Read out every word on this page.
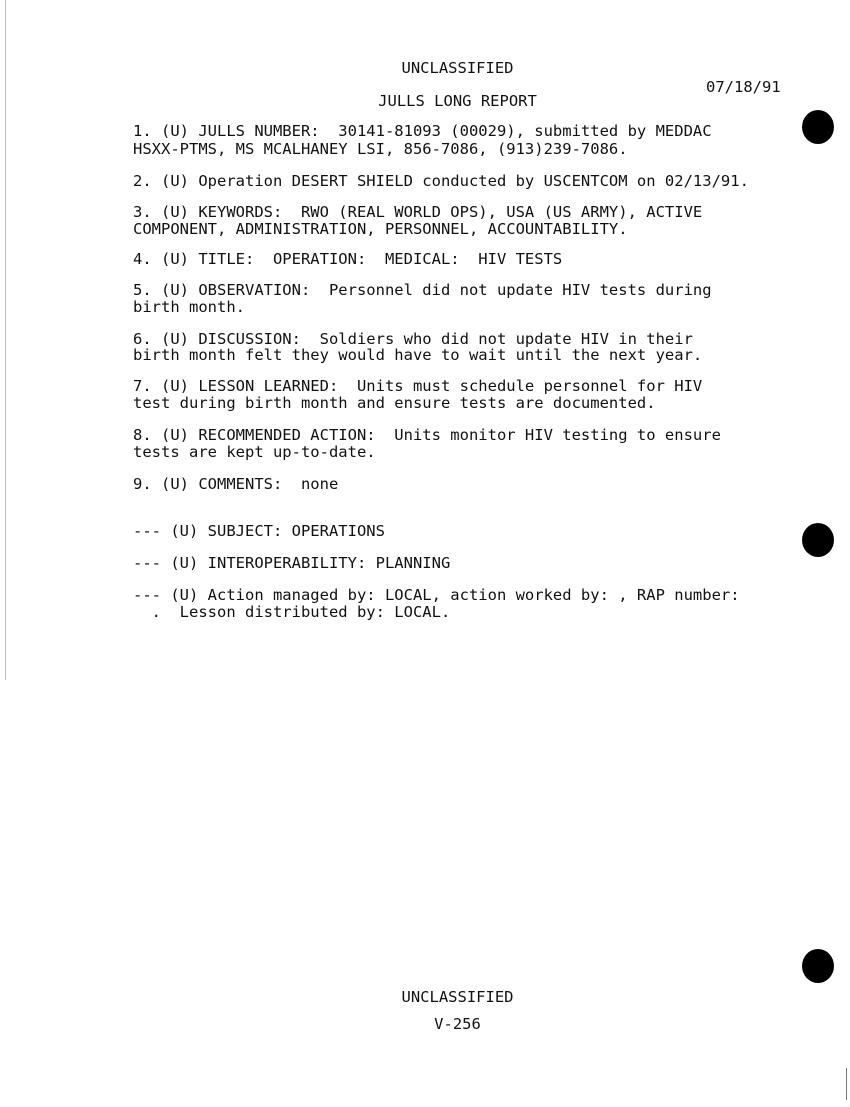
UNCLASSIFIED
07/18/91
JULLS LONG REPORT
1. (U) JULLS NUMBER:  30141-81093 (00029), submitted by MEDDAC
HSXX-PTMS, MS MCALHANEY LSI, 856-7086, (913)239-7086.
2. (U) Operation DESERT SHIELD conducted by USCENTCOM on 02/13/91.
3. (U) KEYWORDS:  RWO (REAL WORLD OPS), USA (US ARMY), ACTIVE
COMPONENT, ADMINISTRATION, PERSONNEL, ACCOUNTABILITY.
4. (U) TITLE:  OPERATION:  MEDICAL:  HIV TESTS
5. (U) OBSERVATION:  Personnel did not update HIV tests during
birth month.
6. (U) DISCUSSION:  Soldiers who did not update HIV in their
birth month felt they would have to wait until the next year.
7. (U) LESSON LEARNED:  Units must schedule personnel for HIV
test during birth month and ensure tests are documented.
8. (U) RECOMMENDED ACTION:  Units monitor HIV testing to ensure
tests are kept up-to-date.
9. (U) COMMENTS:  none
--- (U) SUBJECT: OPERATIONS
--- (U) INTEROPERABILITY: PLANNING
--- (U) Action managed by: LOCAL, action worked by: , RAP number:
.  Lesson distributed by: LOCAL.
UNCLASSIFIED
V-256
